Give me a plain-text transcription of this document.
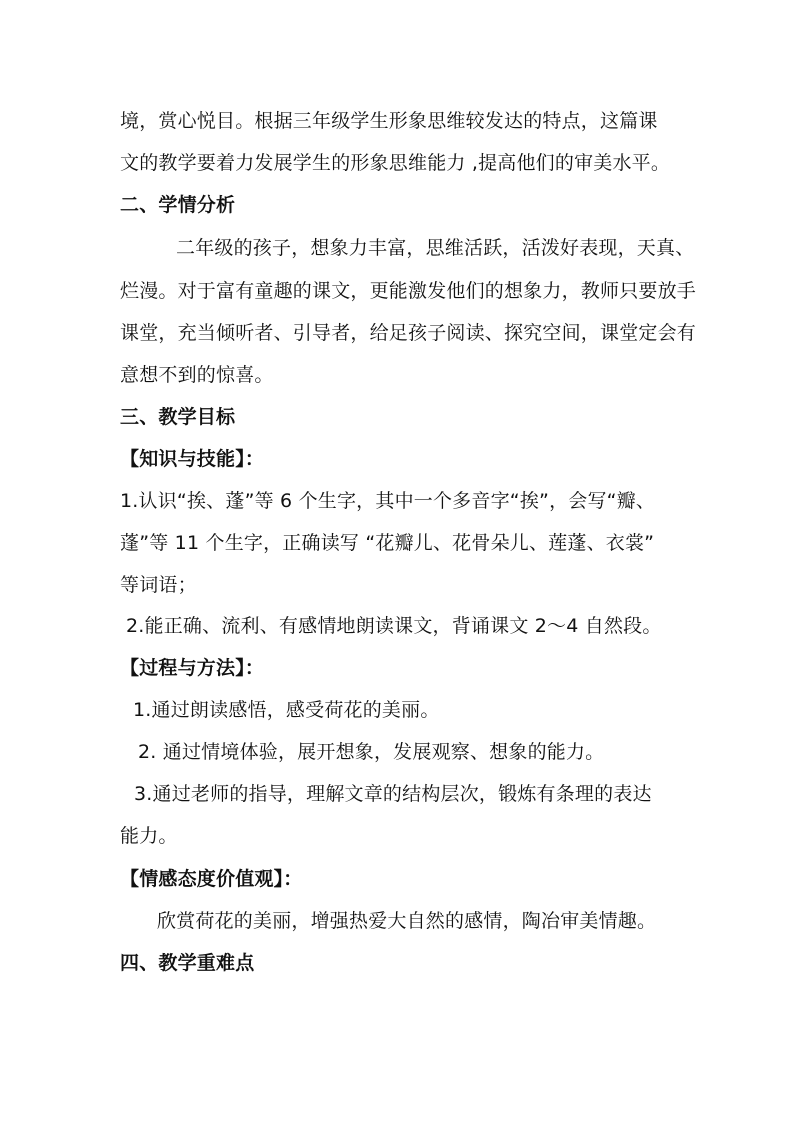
境，赏心悦目。根据三年级学生形象思维较发达的特点，这篇课
文的教学要着力发展学生的形象思维能力 ,提高他们的审美水平。
二、学情分析
二年级的孩子，想象力丰富，思维活跃，活泼好表现，天真、
烂漫。对于富有童趣的课文，更能激发他们的想象力，教师只要放手
课堂，充当倾听者、引导者，给足孩子阅读、探究空间，课堂定会有
意想不到的惊喜。
三、教学目标
【知识与技能】：
1.认识“挨、蓬”等 6 个生字，其中一个多音字“挨”，会写“瓣、
蓬”等 11 个生字，正确读写 “花瓣儿、花骨朵儿、莲蓬、衣裳”
等词语；
2.能正确、流利、有感情地朗读课文，背诵课文 2～4 自然段。
【过程与方法】：
1.通过朗读感悟，感受荷花的美丽。
2. 通过情境体验，展开想象，发展观察、想象的能力。
3.通过老师的指导，理解文章的结构层次，锻炼有条理的表达
能力。
【情感态度价值观】：
欣赏荷花的美丽，增强热爱大自然的感情，陶冶审美情趣。
四、教学重难点
